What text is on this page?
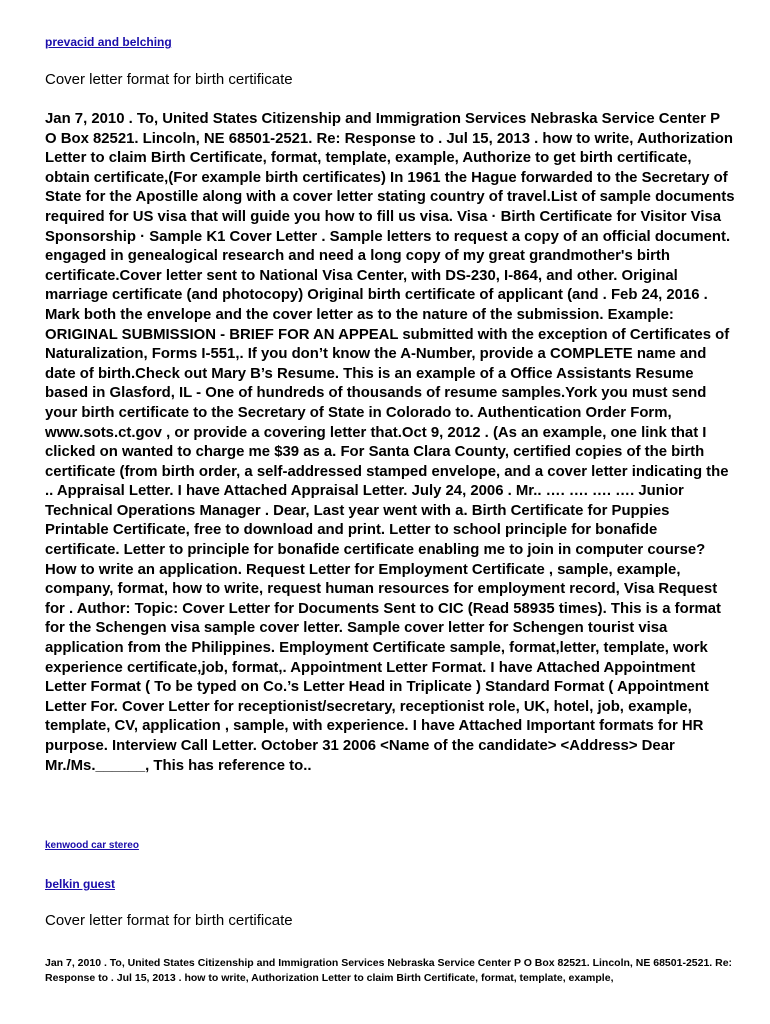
prevacid and belching
Cover letter format for birth certificate

Jan 7, 2010 . To, United States Citizenship and Immigration Services Nebraska Service Center P O Box 82521. Lincoln, NE 68501-2521. Re: Response to . Jul 15, 2013 . how to write, Authorization Letter to claim Birth Certificate, format, template, example, Authorize to get birth certificate, obtain certificate,(For example birth certificates) In 1961 the Hague forwarded to the Secretary of State for the Apostille along with a cover letter stating country of travel.List of sample documents required for US visa that will guide you how to fill us visa. Visa · Birth Certificate for Visitor Visa Sponsorship · Sample K1 Cover Letter . Sample letters to request a copy of an official document. engaged in genealogical research and need a long copy of my great grandmother's birth certificate.Cover letter sent to National Visa Center, with DS-230, I-864, and other. Original marriage certificate (and photocopy) Original birth certificate of applicant (and . Feb 24, 2016 . Mark both the envelope and the cover letter as to the nature of the submission. Example: ORIGINAL SUBMISSION - BRIEF FOR AN APPEAL submitted with the exception of Certificates of Naturalization, Forms I-551,. If you don’t know the A-Number, provide a COMPLETE name and date of birth.Check out Mary B’s Resume. This is an example of a Office Assistants Resume based in Glasford, IL - One of hundreds of thousands of resume samples.York you must send your birth certificate to the Secretary of State in Colorado to. Authentication Order Form, www.sots.ct.gov , or provide a covering letter that.Oct 9, 2012 . (As an example, one link that I clicked on wanted to charge me $39 as a. For Santa Clara County, certified copies of the birth certificate (from birth order, a self-addressed stamped envelope, and a cover letter indicating the .. Appraisal Letter. I have Attached Appraisal Letter. July 24, 2006 . Mr.. …. …. …. …. Junior Technical Operations Manager . Dear, Last year went with a. Birth Certificate for Puppies Printable Certificate, free to download and print. Letter to school principle for bonafide certificate. Letter to principle for bonafide certificate enabling me to join in computer course? How to write an application. Request Letter for Employment Certificate , sample, example, company, format, how to write, request human resources for employment record, Visa Request for . Author: Topic: Cover Letter for Documents Sent to CIC (Read 58935 times). This is a format for the Schengen visa sample cover letter. Sample cover letter for Schengen tourist visa application from the Philippines. Employment Certificate sample, format,letter, template, work experience certificate,job, format,. Appointment Letter Format. I have Attached Appointment Letter Format ( To be typed on Co.’s Letter Head in Triplicate ) Standard Format ( Appointment Letter For. Cover Letter for receptionist/secretary, receptionist role, UK, hotel, job, example, template, CV, application , sample, with experience. I have Attached Important formats for HR purpose. Interview Call Letter. October 31 2006 <Name of the candidate> <Address> Dear Mr./Ms.______, This has reference to..

kenwood car stereo
belkin guest
Cover letter format for birth certificate

Jan 7, 2010 . To, United States Citizenship and Immigration Services Nebraska Service Center P O Box 82521. Lincoln, NE 68501-2521. Re: Response to . Jul 15, 2013 . how to write, Authorization Letter to claim Birth Certificate, format, template, example,
